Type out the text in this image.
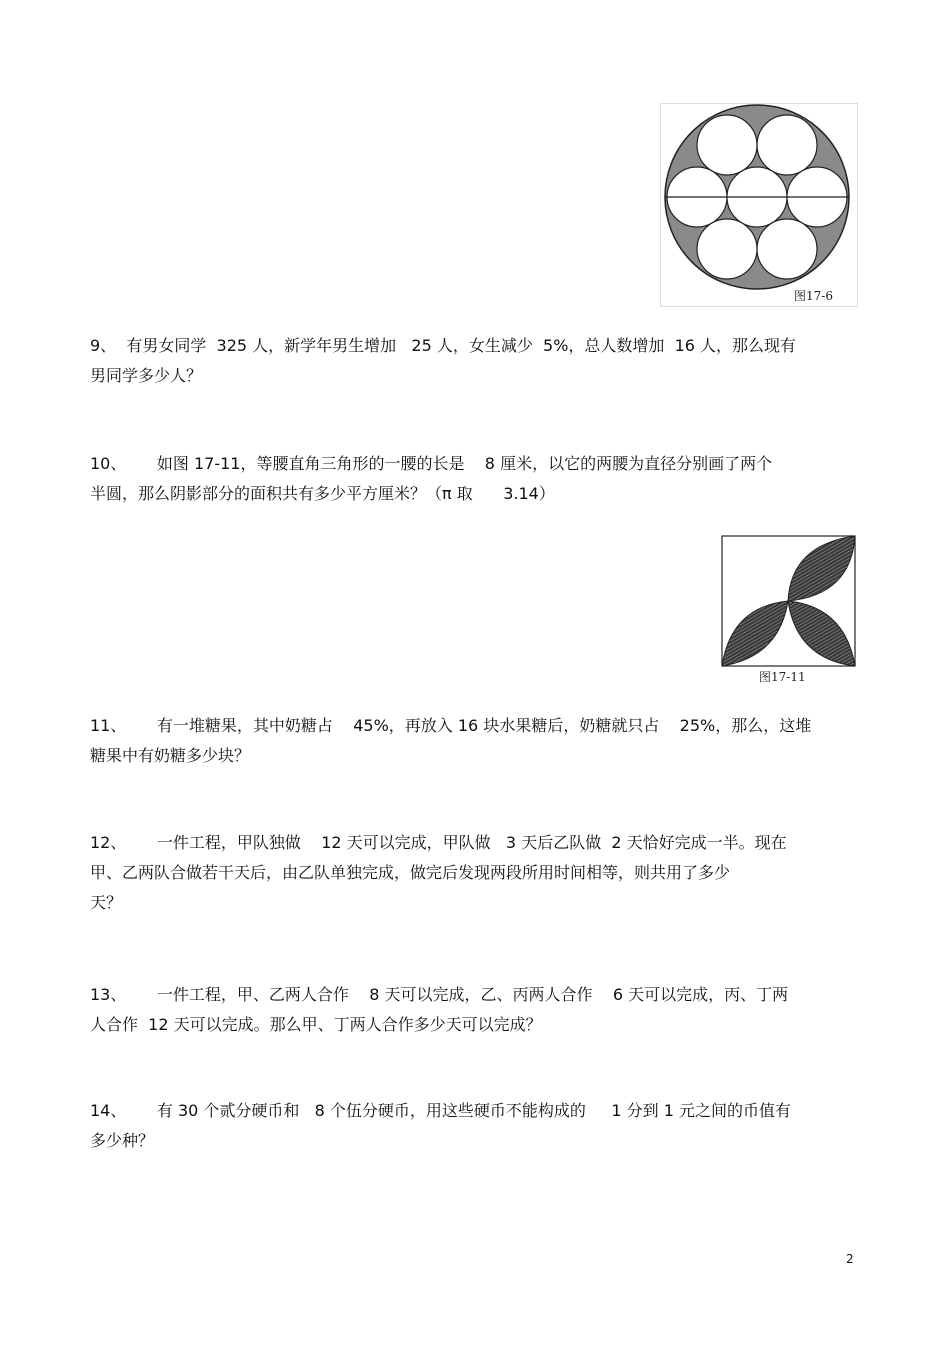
图17-6
图17-11
9、  有男女同学  325 人，新学年男生增加   25 人，女生减少  5%，总人数增加  16 人，那么现有
男同学多少人？
10、      如图 17-11，等腰直角三角形的一腰的长是    8 厘米，以它的两腰为直径分别画了两个
半圆，那么阴影部分的面积共有多少平方厘米？（π 取      3.14）
11、      有一堆糖果，其中奶糖占    45%，再放入 16 块水果糖后，奶糖就只占    25%，那么，这堆
糖果中有奶糖多少块？
12、      一件工程，甲队独做    12 天可以完成，甲队做   3 天后乙队做  2 天恰好完成一半。现在
甲、乙两队合做若干天后，由乙队单独完成，做完后发现两段所用时间相等，则共用了多少
天？
13、      一件工程，甲、乙两人合作    8 天可以完成，乙、丙两人合作    6 天可以完成，丙、丁两
人合作  12 天可以完成。那么甲、丁两人合作多少天可以完成？
14、      有 30 个贰分硬币和   8 个伍分硬币，用这些硬币不能构成的     1 分到 1 元之间的币值有
多少种？
2
